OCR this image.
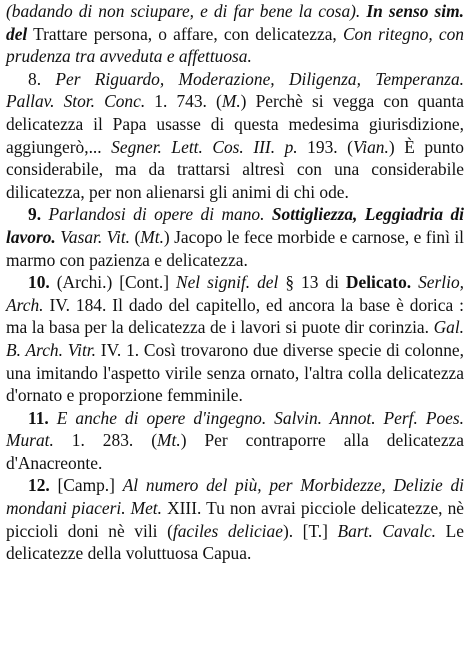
(badando di non sciupare, e di far bene la cosa). In senso sim. del Trattare persona, o affare, con delicatezza, Con ritegno, con prudenza tra avveduta e affettuosa.

8. Per Riguardo, Moderazione, Diligenza, Temperanza. Pallav. Stor. Conc. 1. 743. (M.) Perchè si vegga con quanta delicatezza il Papa usasse di questa medesima giurisdizione, aggiungerò,... Segner. Lett. Cos. III. p. 193. (Vian.) È punto considerabile, ma da trattarsi altresì con una considerabile dilicatezza, per non alienarsi gli animi di chi ode.

9. Parlandosi di opere di mano. Sottigliezza, Leggiadria di lavoro. Vasar. Vit. (Mt.) Jacopo le fece morbide e carnose, e finì il marmo con pazienza e delicatezza.

10. (Archi.) [Cont.] Nel signif. del § 13 di Delicato. Serlio, Arch. IV. 184. Il dado del capitello, ed ancora la base è dorica : ma la basa per la delicatezza de i lavori si puote dir corinzia. Gal. B. Arch. Vitr. IV. 1. Così trovarono due diverse specie di colonne, una imitando l'aspetto virile senza ornato, l'altra colla delicatezza d'ornato e proporzione femminile.

11. E anche di opere d'ingegno. Salvin. Annot. Perf. Poes. Murat. 1. 283. (Mt.) Per contraporre alla delicatezza d'Anacreonte.

12. [Camp.] Al numero del più, per Morbidezze, Delizie di mondani piaceri. Met. XIII. Tu non avrai picciole delicatezze, nè piccioli doni nè vili (faciles deliciae). [T.] Bart. Cavalc. Le delicatezze della voluttuosa Capua.
